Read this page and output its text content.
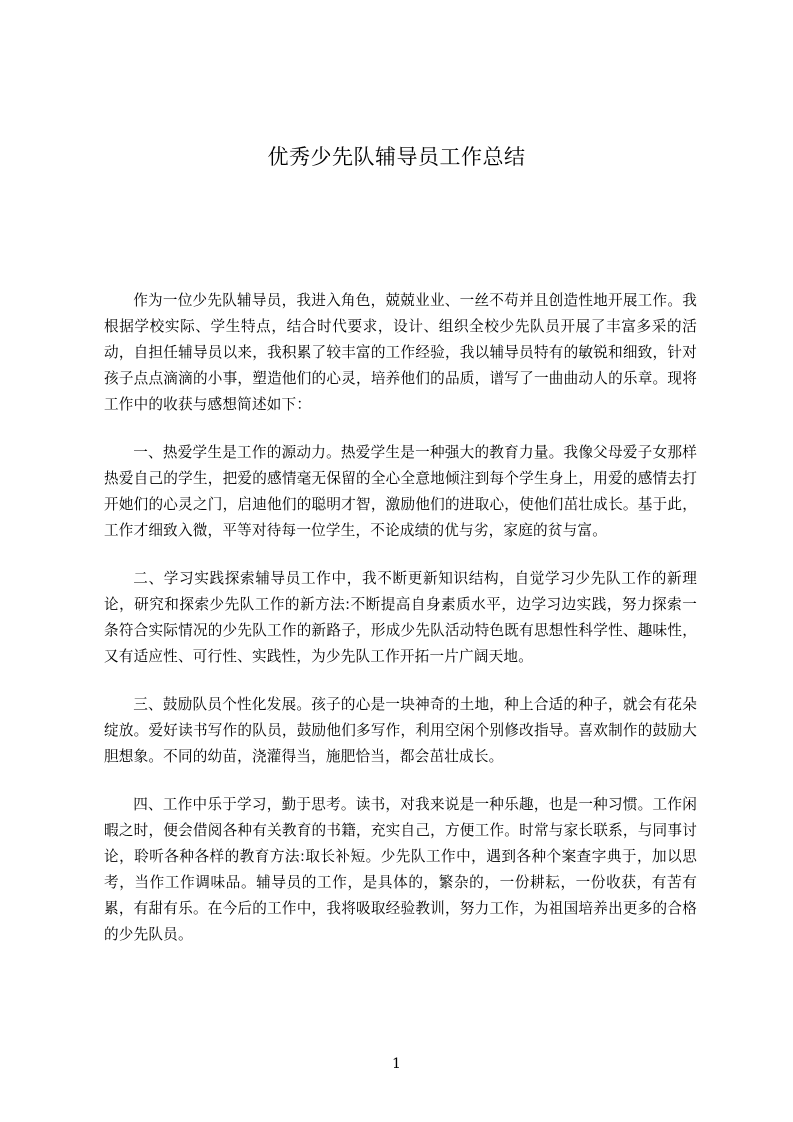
优秀少先队辅导员工作总结

作为一位少先队辅导员，我进入角色，兢兢业业、一丝不苟并且创造性地开展工作。我根据学校实际、学生特点，结合时代要求，设计、组织全校少先队员开展了丰富多采的活动，自担任辅导员以来，我积累了较丰富的工作经验，我以辅导员特有的敏锐和细致，针对孩子点点滴滴的小事，塑造他们的心灵，培养他们的品质，谱写了一曲曲动人的乐章。现将工作中的收获与感想简述如下：

一、热爱学生是工作的源动力。热爱学生是一种强大的教育力量。我像父母爱子女那样热爱自己的学生，把爱的感情毫无保留的全心全意地倾注到每个学生身上，用爱的感情去打开她们的心灵之门，启迪他们的聪明才智，激励他们的进取心，使他们茁壮成长。基于此，工作才细致入微，平等对待每一位学生，不论成绩的优与劣，家庭的贫与富。

二、学习实践探索辅导员工作中，我不断更新知识结构，自觉学习少先队工作的新理论，研究和探索少先队工作的新方法:不断提高自身素质水平，边学习边实践，努力探索一条符合实际情况的少先队工作的新路子，形成少先队活动特色既有思想性科学性、趣味性，又有适应性、可行性、实践性，为少先队工作开拓一片广阔天地。

三、鼓励队员个性化发展。孩子的心是一块神奇的土地，种上合适的种子，就会有花朵绽放。爱好读书写作的队员，鼓励他们多写作，利用空闲个别修改指导。喜欢制作的鼓励大胆想象。不同的幼苗，浇灌得当，施肥恰当，都会茁壮成长。

四、工作中乐于学习，勤于思考。读书，对我来说是一种乐趣，也是一种习惯。工作闲暇之时，便会借阅各种有关教育的书籍，充实自己，方便工作。时常与家长联系，与同事讨论，聆听各种各样的教育方法:取长补短。少先队工作中，遇到各种个案查字典于，加以思考，当作工作调味品。辅导员的工作，是具体的，繁杂的，一份耕耘，一份收获，有苦有累，有甜有乐。在今后的工作中，我将吸取经验教训，努力工作，为祖国培养出更多的合格的少先队员。

1
